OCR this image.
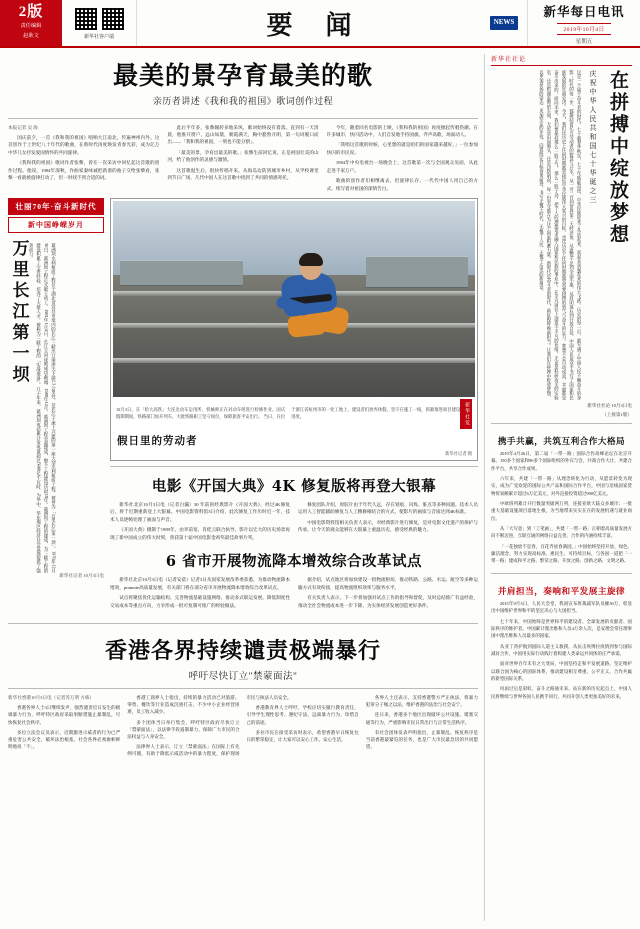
2版
责任编辑
赵耿文	新华社客户端	要 闻	NEWS
新华每日电讯
2019年10月4日
星期五
最美的景孕育最美的歌
亲历者讲述《我和我的祖国》歌词创作过程

本报记者 吴 海

国庆前夕，一首《我和我的祖国》唱响大江南北，传遍神州内外。这首创作于上世纪八十年代的歌曲，在新时代再度焕发青春光彩，成为亿万中华儿女抒发爱国情怀的共同旋律。

《我和我的祖国》歌词作者张藜，曾在一次采访中回忆起这首歌的创作过程。他说，1984年深秋，作曲家秦咏诚把新谱的曲子交给张藜看，张藜一看就被旋律打动了，但一时找不到合适的词。

此后半年多，张藜辗转多地采风，歌词始终没有着落。直到有一天清晨，他推开窗户，远山如黛，朝霞满天，胸中豁然开朗，第一句词脱口而出——「我和我的祖国，一刻也不能分割」。

「最美的景，孕育出最美的歌。」张藜生前回忆说，正是祖国壮美的山河，给了他创作的灵感与激情。

这首歌诞生后，很快传唱开来。从海岛边防到城市乡村，从学校课堂到节日广场，几代中国人在这首歌中找到了共同的情感寄托。

今年，随着同名电影的上映，《我和我的祖国》再度掀起传唱热潮。在许多城市，快闪活动中，人们自发地手持国旗，齐声高歌，场面动人。

「我唱这首歌的时候，心里想的就是咱们的国家越来越好。」一位参加快闪的市民说。

1984年中央电视台一场晚会上，这首歌第一次与全国观众见面，从此走进千家万户。

歌曲的创作者们相继离去，但旋律长存。一代代中国人用自己的方式，续写着对祖国的深情告白。

壮丽70年·奋斗新时代
新中国峥嵘岁月
万里长江第一坝	葛洲坝水利枢纽工程位于湖北省宜昌市境内的长江三峡出口南津关下游2.3公里处，是长江干流上兴建的第一座大型水利枢纽工程，被誉为「万里长江第一坝」。1970年12月30日，葛洲坝工程正式破土动工。1981年1月4日，长江主河床被成功截流。1988年12月，葛洲坝工程全部建成，整个工程建设历时18年。葛洲坝工程的建成，为三峡工程的建设积累了宝贵经验，培养了大批人才，被称为三峡工程的「实战准备」。几十年来，葛洲坝电站累计发电量超过5000亿千瓦时，为华中、华东地区经济社会发展提供了强劲动力。
新华社记者 10月3日电
10月3日，在「哈大高铁」大连北动车运用所，机械师正在对动车组进行检修作业。国庆假期期间，铁路部门加开列车，大批铁路职工坚守岗位，保障旅客平安出行。 当日，在位于浙江省杭州市的一处工地上，建设者们放弃休假，坚守在施工一线，抓紧推进项目建设进度。	新华社发
假日里的劳动者
新华社记者 摄
电影《开国大典》4K 修复版将再登大银幕

新华社北京10月3日电（记者白瀛）30 年前的经典影片《开国大典》，经过4K修复后，将于近期重新登上大银幕。中国电影资料馆3日介绍，此次修复工作历时近一年，技术人员逐帧处理了画面与声音。

《开国大典》摄制于1989年，由李前宽、肖桂云联合执导，影片以宏大的历史场景再现了新中国成立的伟大时刻，曾获第十届中国电影金鸡奖最佳故事片奖。

修复团队介绍，原胶片由于年代久远，存在划痕、闪烁、脏点等多种问题。技术人员运用人工智能辅助修复与人工精修相结合的方式，使影片的画质与音质达到4K标准。

中国电影资料馆相关负责人表示，对经典影片进行修复，是对电影文化遗产的保护与传承，让今天的观众能够在大银幕上重温历史、感受经典的魅力。

6 省市开展物流降本增效综合改革试点

新华社北京10月3日电（记者安蓓）记者3日从国家发展改革委获悉，为推动物流降本增效，promote高质量发展，有关部门将在部分省市开展物流降本增效综合改革试点。

试点将聚焦优化运输结构、完善物流基础设施网络、推动多式联运发展、降低制度性交易成本等重点方向，力争形成一批可复制可推广的经验做法。

据介绍，试点地区将加快建设一批物流枢纽，推动铁路、公路、水运、航空等多种运输方式有效衔接，提高物流组织效率与服务水平。

有关负责人表示，下一步将加强对试点工作的指导和督促，及时总结推广有益经验，推动全社会物流成本进一步下降，为实体经济发展创造更好条件。

香港各界持续谴责极端暴行
呼吁尽快订立"禁蒙面法"

新华社香港10月3日电（记者苏万明 方栋）

香港各界人士3日继续发声，强烈谴责近日发生的极端暴力行为，呼吁特区政府采取果断措施止暴制乱，尽快恢复社会秩序。

多位立法会议员表示，近期激进示威者的行为已严重危害公共安全，破坏法治根基，社会各界必须旗帜鲜明地说「不」。

香港工商界人士指出，持续的暴力活动已对旅游、零售、餐饮等行业造成沉重打击，不少中小企业经营困难，员工收入减少。

多个团体当日举行集会，呼吁特区政府尽快订立「禁蒙面法」，以法律手段遏制暴力，保障广大市民的合法权益与人身安全。

法律界人士表示，订立「禁蒙面法」在国际上有先例可循，有助于降低示威活动中的暴力程度，保护现场市民与执法人员安全。

香港教育界人士呼吁，学校应切实履行教育责任，引导学生理性思考、遵纪守法，远离暴力行为，珍惜自己的前途。

多位市民在接受采访时表示，希望香港早日恢复往日的繁荣稳定，让大家可以安心工作、安心生活。

各界人士还表示，支持香港警方严正执法，将暴力犯罪分子绳之以法，维护香港的法治与社会安宁。

连日来，香港多个地区出现破坏公共设施、堵塞交通等行为，严重影响市民日常出行与正常生活秩序。

有社会团体发表声明指出，止暴制乱、恢复秩序是当前香港最紧迫的任务，也是广大市民最急切的共同愿望。

新华社社论
这是一个属于奋斗者的时代。七十载春华秋实，七十年砥砺奋进，中华民族迎来了从站起来、富起来到强起来的伟大飞跃。历史的每一页，都写满了中国人民不懈奋斗的身影；时代的每一步，都凝结着亿万劳动者的智慧与汗水。从一穷二白到世界第二大经济体，从温饱不足到全面小康，从封闭落后到开放自信，中国人民用双手书写了国家和民族发展的壮丽史诗。今天，我们比历史上任何时期都更接近中华民族伟大复兴的目标，也比历史上任何时期都更需要拼搏的勇气与奋斗的定力。梦想不会自动成真，幸福都是奋斗出来的。面向未来，我们要保持那么一股子气、那么一股子劲，把个人的理想追求融入国家和民族的事业中，在平凡岗位上创造不平凡的业绩。无论是科研攻关的实验室，还是机器轰鸣的车间，无论是田间地头，还是边防哨所，每一份坚守都在为这个国家积蓄力量。新时代是奋斗者的时代，新征程呼唤新担当。让我们在拼搏中绽放梦想，以更加昂扬的姿态、更加坚定的步伐，向着既定目标奋勇前进，书写无愧于时代、无愧于人民、无愧于历史的新篇章。	庆祝中华人民共和国七十华诞之三 在拼搏中绽放梦想
新华社社论 10月3日电
（上接第1版）
携手共赢，共筑互利合作大格局

2019年4月26日，第二届「一带一路」国际合作高峰论坛在北京开幕。150多个国家和90多个国际组织的外宾与会，共商合作大计，共建合作平台，共享合作成果。

六年来，共建「一带一路」从理念转化为行动，从愿景转变为现实，成为广受欢迎的国际公共产品和国际合作平台。中国与沿线国家货物贸易额累计超过6万亿美元，对外直接投资超过900亿美元。

中欧班列累计开行数量突破两万列，连接亚欧大陆众多城市；一批重大基础设施项目落地生根，为当地带来实实在在的发展机遇与就业岗位。

从「大写意」到「工笔画」，共建「一带一路」正朝着高质量发展方向不断迈进，互联互通的网络日益完善，合作的内涵持续丰富。

「一花独放不是春，百花齐放春满园。」中国始终坚持开放、绿色、廉洁理念，努力实现高标准、惠民生、可持续目标，与各国一道把「一带一路」建成和平之路、繁荣之路、开放之路、创新之路、文明之路。

并肩担当，奏响和平发展主旋律

2015年9月3日，人民大会堂，我国宣布将裁减军队员额30万，彰显出中国维护世界和平的坚定决心与大国担当。

七十年来，中国始终是世界和平的建设者、全球发展的贡献者、国际秩序的维护者。中国累计派出维和人员4万余人次，是安理会常任理事国中派出维和人员最多的国家。

从亚丁湾护航到国际人道主义救援，从抗击埃博拉疫情到参与国际减贫合作，中国用实际行动践行着构建人类命运共同体的庄严承诺。

面对世界百年未有之大变局，中国坚持走和平发展道路，坚定维护以联合国为核心的国际体系，推动建设相互尊重、公平正义、合作共赢的新型国际关系。

风雨过后是彩虹，奋斗之路通未来。站在新的历史起点上，中国人民将继续与世界各国人民携手同行，共同开创人类更加美好的未来。
